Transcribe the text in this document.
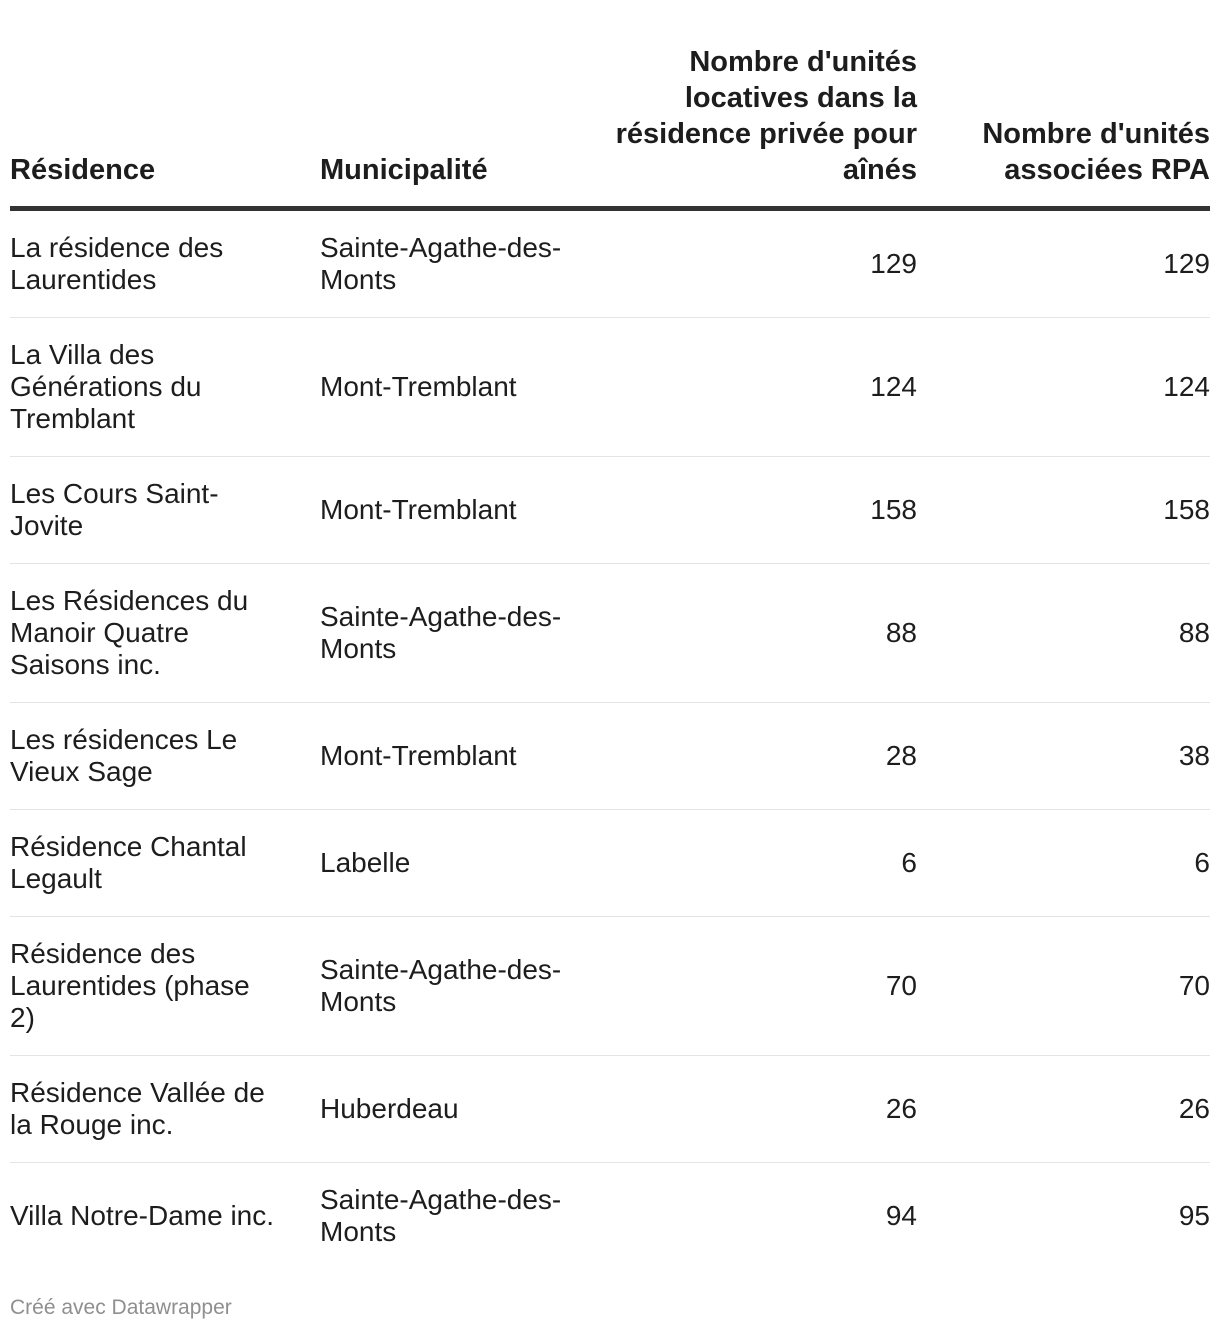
Résidence	Municipalité	Nombre d'unités locatives dans la résidence privée pour aînés	Nombre d'unités associées RPA
La résidence des Laurentides	Sainte-Agathe-des-Monts	129	129
La Villa des Générations du Tremblant	Mont-Tremblant	124	124
Les Cours Saint-Jovite	Mont-Tremblant	158	158
Les Résidences du Manoir Quatre Saisons inc.	Sainte-Agathe-des-Monts	88	88
Les résidences Le Vieux Sage	Mont-Tremblant	28	38
Résidence Chantal Legault	Labelle	6	6
Résidence des Laurentides (phase 2)	Sainte-Agathe-des-Monts	70	70
Résidence Vallée de la Rouge inc.	Huberdeau	26	26
Villa Notre-Dame inc.	Sainte-Agathe-des-Monts	94	95
Créé avec Datawrapper
